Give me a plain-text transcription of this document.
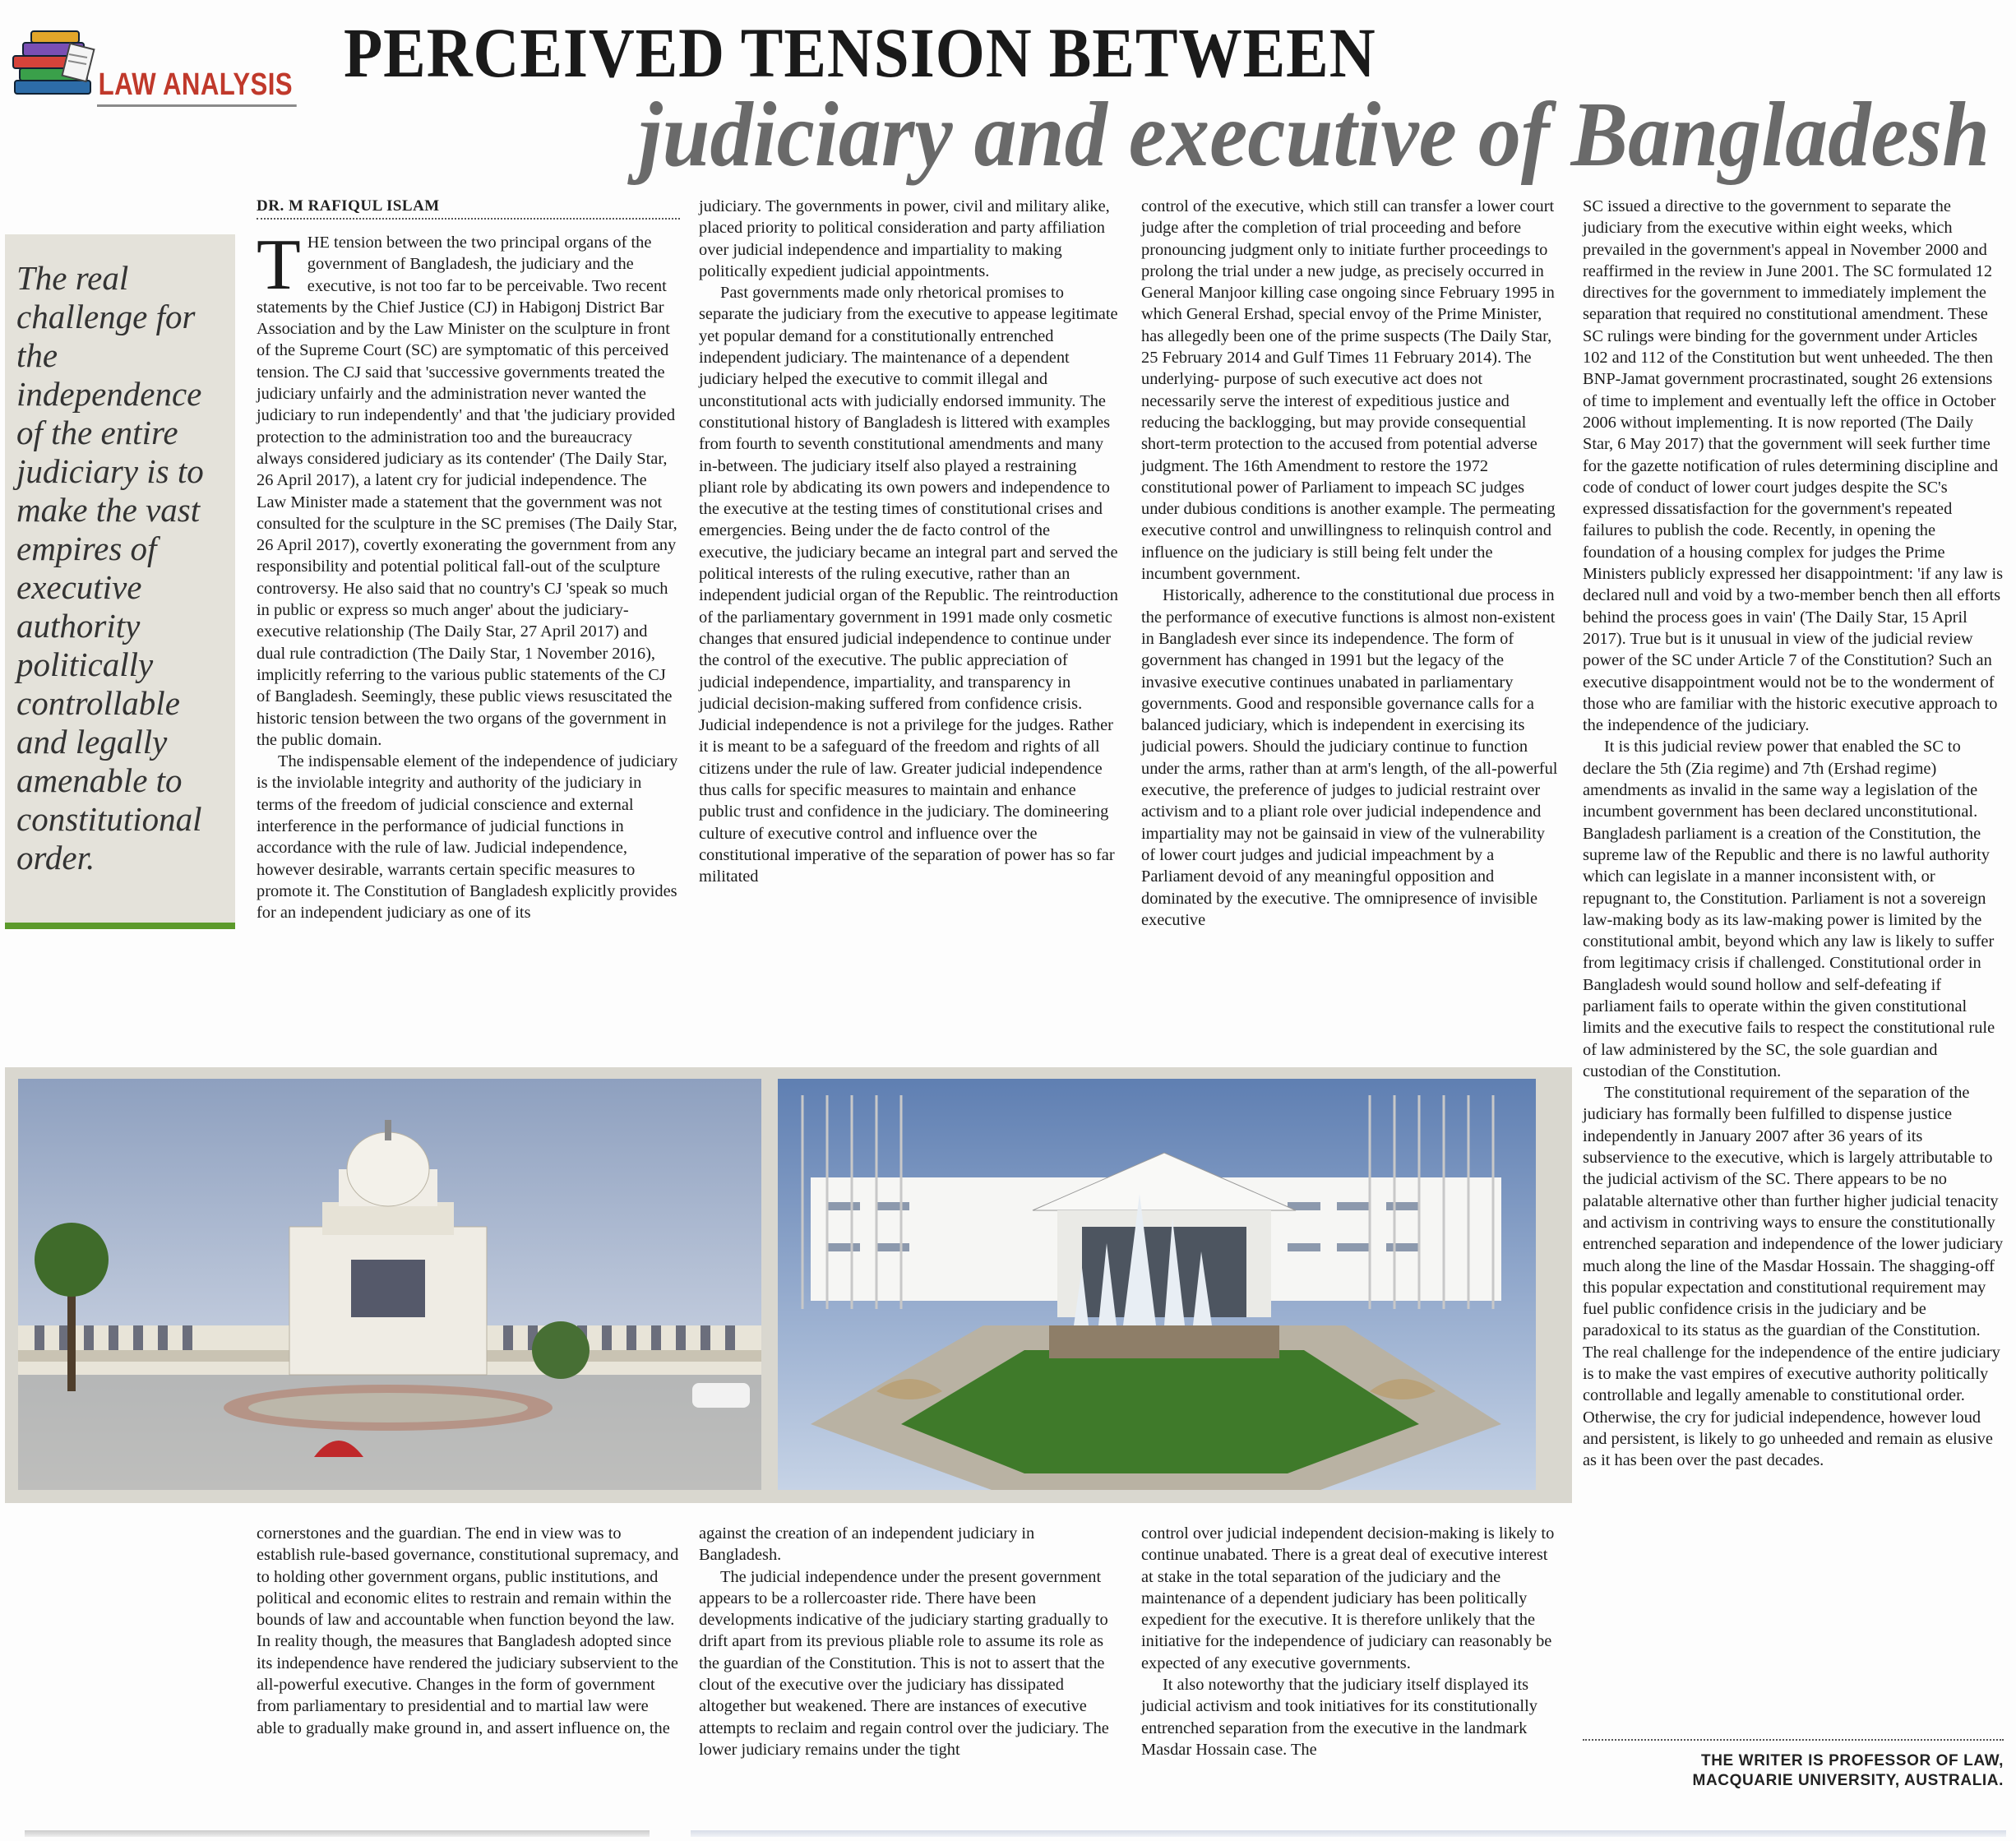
LAW ANALYSIS PERCEIVED TENSION BETWEEN
judiciary and executive of Bangladesh
The real challenge for the independence of the entire judiciary is to make the vast empires of executive authority politically controllable and legally amenable to constitutional order.
DR. M RAFIQUL ISLAM

THE tension between the two principal organs of the government of Bangladesh, the judiciary and the executive, is not too far to be perceivable. Two recent statements by the Chief Justice (CJ) in Habigonj District Bar Association and by the Law Minister on the sculpture in front of the Supreme Court (SC) are symptomatic of this perceived tension. The CJ said that 'successive governments treated the judiciary unfairly and the administration never wanted the judiciary to run independently' and that 'the judiciary provided protection to the administration too and the bureaucracy always considered judiciary as its contender' (The Daily Star, 26 April 2017), a latent cry for judicial independence. The Law Minister made a statement that the government was not consulted for the sculpture in the SC premises (The Daily Star, 26 April 2017), covertly exonerating the government from any responsibility and potential political fall-out of the sculpture controversy. He also said that no country's CJ 'speak so much in public or express so much anger' about the judiciary-executive relationship (The Daily Star, 27 April 2017) and dual rule contradiction (The Daily Star, 1 November 2016), implicitly referring to the various public statements of the CJ of Bangladesh. Seemingly, these public views resuscitated the historic tension between the two organs of the government in the public domain.

The indispensable element of the independence of judiciary is the inviolable integrity and authority of the judiciary in terms of the freedom of judicial conscience and external interference in the performance of judicial functions in accordance with the rule of law. Judicial independence, however desirable, warrants certain specific measures to promote it. The Constitution of Bangladesh explicitly provides for an independent judiciary as one of its

judiciary. The governments in power, civil and military alike, placed priority to political consideration and party affiliation over judicial independence and impartiality to making politically expedient judicial appointments.

Past governments made only rhetorical promises to separate the judiciary from the executive to appease legitimate yet popular demand for a constitutionally entrenched independent judiciary. The maintenance of a dependent judiciary helped the executive to commit illegal and unconstitutional acts with judicially endorsed immunity. The constitutional history of Bangladesh is littered with examples from fourth to seventh constitutional amendments and many in-between. The judiciary itself also played a restraining pliant role by abdicating its own powers and independence to the executive at the testing times of constitutional crises and emergencies. Being under the de facto control of the executive, the judiciary became an integral part and served the political interests of the ruling executive, rather than an independent judicial organ of the Republic. The reintroduction of the parliamentary government in 1991 made only cosmetic changes that ensured judicial independence to continue under the control of the executive. The public appreciation of judicial independence, impartiality, and transparency in judicial decision-making suffered from confidence crisis. Judicial independence is not a privilege for the judges. Rather it is meant to be a safeguard of the freedom and rights of all citizens under the rule of law. Greater judicial independence thus calls for specific measures to maintain and enhance public trust and confidence in the judiciary. The domineering culture of executive control and influence over the constitutional imperative of the separation of power has so far militated

control of the executive, which still can transfer a lower court judge after the completion of trial proceeding and before pronouncing judgment only to initiate further proceedings to prolong the trial under a new judge, as precisely occurred in General Manjoor killing case ongoing since February 1995 in which General Ershad, special envoy of the Prime Minister, has allegedly been one of the prime suspects (The Daily Star, 25 February 2014 and Gulf Times 11 February 2014). The underlying- purpose of such executive act does not necessarily serve the interest of expeditious justice and reducing the backlogging, but may provide consequential short-term protection to the accused from potential adverse judgment. The 16th Amendment to restore the 1972 constitutional power of Parliament to impeach SC judges under dubious conditions is another example. The permeating executive control and unwillingness to relinquish control and influence on the judiciary is still being felt under the incumbent government.

Historically, adherence to the constitutional due process in the performance of executive functions is almost non-existent in Bangladesh ever since its independence. The form of government has changed in 1991 but the legacy of the invasive executive continues unabated in parliamentary governments. Good and responsible governance calls for a balanced judiciary, which is independent in exercising its judicial powers. Should the judiciary continue to function under the arms, rather than at arm's length, of the all-powerful executive, the preference of judges to judicial restraint over activism and to a pliant role over judicial independence and impartiality may not be gainsaid in view of the vulnerability of lower court judges and judicial impeachment by a Parliament devoid of any meaningful opposition and dominated by the executive. The omnipresence of invisible executive

SC issued a directive to the government to separate the judiciary from the executive within eight weeks, which prevailed in the government's appeal in November 2000 and reaffirmed in the review in June 2001. The SC formulated 12 directives for the government to immediately implement the separation that required no constitutional amendment. These SC rulings were binding for the government under Articles 102 and 112 of the Constitution but went unheeded. The then BNP-Jamat government procrastinated, sought 26 extensions of time to implement and eventually left the office in October 2006 without implementing. It is now reported (The Daily Star, 6 May 2017) that the government will seek further time for the gazette notification of rules determining discipline and code of conduct of lower court judges despite the SC's expressed dissatisfaction for the government's repeated failures to publish the code. Recently, in opening the foundation of a housing complex for judges the Prime Ministers publicly expressed her disappointment: 'if any law is declared null and void by a two-member bench then all efforts behind the process goes in vain' (The Daily Star, 15 April 2017). True but is it unusual in view of the judicial review power of the SC under Article 7 of the Constitution? Such an executive disappointment would not be to the wonderment of those who are familiar with the historic executive approach to the independence of the judiciary.

It is this judicial review power that enabled the SC to declare the 5th (Zia regime) and 7th (Ershad regime) amendments as invalid in the same way a legislation of the incumbent government has been declared unconstitutional. Bangladesh parliament is a creation of the Constitution, the supreme law of the Republic and there is no lawful authority which can legislate in a manner inconsistent with, or repugnant to, the Constitution. Parliament is not a sovereign law-making body as its law-making power is limited by the constitutional ambit, beyond which any law is likely to suffer from legitimacy crisis if challenged. Constitutional order in Bangladesh would sound hollow and self-defeating if parliament fails to operate within the given constitutional limits and the executive fails to respect the constitutional rule of law administered by the SC, the sole guardian and custodian of the Constitution.

The constitutional requirement of the separation of the judiciary has formally been fulfilled to dispense justice independently in January 2007 after 36 years of its subservience to the executive, which is largely attributable to the judicial activism of the SC. There appears to be no palatable alternative other than further higher judicial tenacity and activism in contriving ways to ensure the constitutionally entrenched separation and independence of the lower judiciary much along the line of the Masdar Hossain. The shagging-off this popular expectation and constitutional requirement may fuel public confidence crisis in the judiciary and be paradoxical to its status as the guardian of the Constitution. The real challenge for the independence of the entire judiciary is to make the vast empires of executive authority politically controllable and legally amenable to constitutional order. Otherwise, the cry for judicial independence, however loud and persistent, is likely to go unheeded and remain as elusive as it has been over the past decades.

cornerstones and the guardian. The end in view was to establish rule-based governance, constitutional supremacy, and to holding other government organs, public institutions, and political and economic elites to restrain and remain within the bounds of law and accountable when function beyond the law. In reality though, the measures that Bangladesh adopted since its independence have rendered the judiciary subservient to the all-powerful executive. Changes in the form of government from parliamentary to presidential and to martial law were able to gradually make ground in, and assert influence on, the

against the creation of an independent judiciary in Bangladesh.

The judicial independence under the present government appears to be a rollercoaster ride. There have been developments indicative of the judiciary starting gradually to drift apart from its previous pliable role to assume its role as the guardian of the Constitution. This is not to assert that the clout of the executive over the judiciary has dissipated altogether but weakened. There are instances of executive attempts to reclaim and regain control over the judiciary. The lower judiciary remains under the tight

control over judicial independent decision-making is likely to continue unabated. There is a great deal of executive interest at stake in the total separation of the judiciary and the maintenance of a dependent judiciary has been politically expedient for the executive. It is therefore unlikely that the initiative for the independence of judiciary can reasonably be expected of any executive governments.

It also noteworthy that the judiciary itself displayed its judicial activism and took initiatives for its constitutionally entrenched separation from the executive in the landmark Masdar Hossain case. The

THE WRITER IS PROFESSOR OF LAW,
MACQUARIE UNIVERSITY, AUSTRALIA.
